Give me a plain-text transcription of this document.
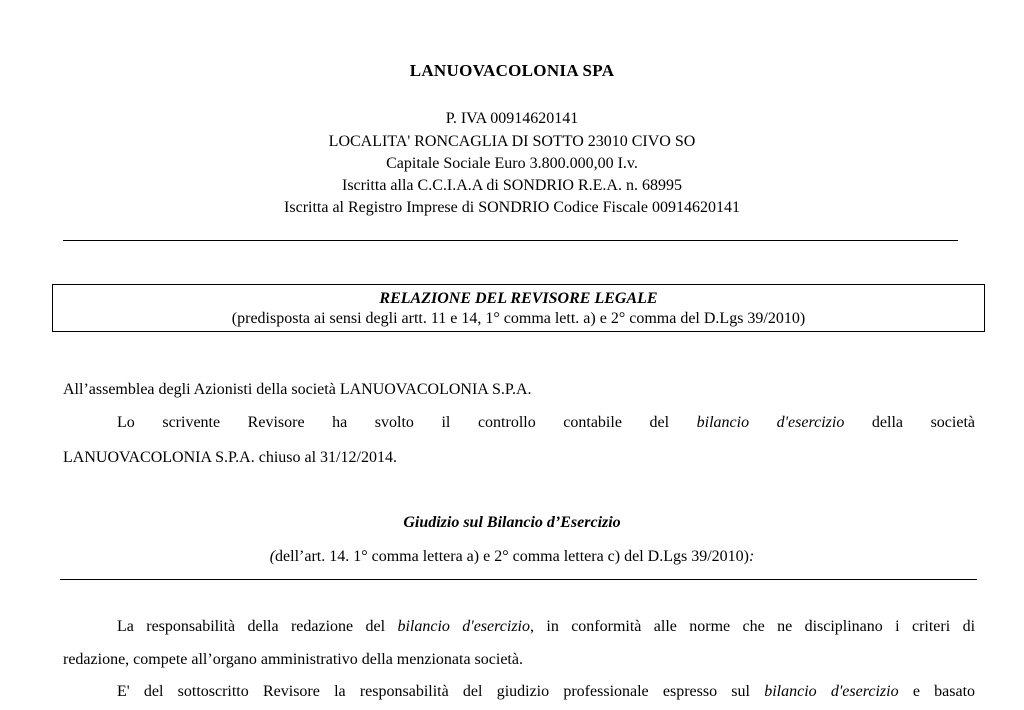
LANUOVACOLONIA SPA
P. IVA 00914620141
LOCALITA' RONCAGLIA DI SOTTO 23010 CIVO SO
Capitale Sociale Euro 3.800.000,00 I.v.
Iscritta alla C.C.I.A.A di SONDRIO R.E.A. n. 68995
Iscritta al Registro Imprese di SONDRIO Codice Fiscale 00914620141
RELAZIONE DEL REVISORE LEGALE
(predisposta ai sensi degli artt. 11 e 14, 1° comma lett. a) e 2° comma del D.Lgs 39/2010)
All’assemblea degli Azionisti della società LANUOVACOLONIA S.P.A.
Lo scrivente Revisore ha svolto il controllo contabile del bilancio d'esercizio della società
LANUOVACOLONIA S.P.A. chiuso al 31/12/2014.
Giudizio sul Bilancio d’Esercizio
(dell’art. 14. 1° comma lettera a) e 2° comma lettera c) del D.Lgs 39/2010):
La responsabilità della redazione del bilancio d'esercizio, in conformità alle norme che ne disciplinano i criteri di
redazione, compete all’organo amministrativo della menzionata società.
E' del sottoscritto Revisore la responsabilità del giudizio professionale espresso sul bilancio d'esercizio e basato
